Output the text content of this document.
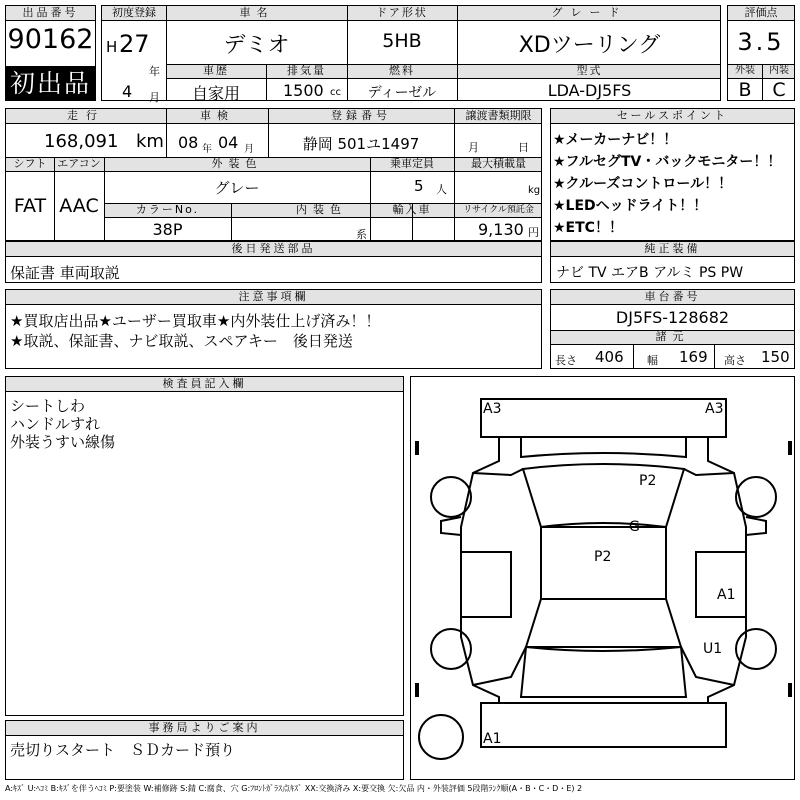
出品番号
90162
初出品
初度登録
H 27
年
4 月
車名
デミオ
ドア形状
5HB
グレード
XDツーリング
車歴
自家用
排気量
1500 cc
燃料
ディーゼル
型式
LDA-DJ5FS
評価点
3.5
外装	内装
B	C
走行
168,091 km
車検
08 年 04 月
登録番号
静岡 501ユ1497
譲渡書類期限
月	日
シフト
FAT
エアコン
AAC
外装色
グレー
乗車定員
5 人
最大積載量
kg
カラーNo.
38P
内装色
系
輸入車	リサイクル預託金
9,130 円
後日発送部品
保証書 車両取説
セールスポイント
★メーカーナビ！！
★フルセグTV・バックモニター！！
★クルーズコントロール！！
★LEDヘッドライト！！
★ETC！！
純正装備
ナビ TV エアB アルミ PS PW
注意事項欄
★買取店出品★ユーザー買取車★内外装仕上げ済み！！
★取説、保証書、ナビ取説、スペアキー　後日発送
車台番号
DJ5FS-128682
諸元
長さ 406 幅 169 高さ 150
検査員記入欄
シートしわ
ハンドルすれ
外装うすい線傷
事務局よりご案内
売切りスタート　ＳＤカード預り
A3	A3
P2
G
P2
A1
U1
A1
A:ｷｽﾞ U:ﾍｺﾐ B:ｷｽﾞを伴うﾍｺﾐ P:要塗装 W:補修跡 S:錆 C:腐食、穴 G:ﾌﾛﾝﾄｶﾞﾗｽ点ｷｽﾞ XX:交換済み X:要交換 欠:欠品 内・外装評価 5段階ﾗﾝｸ順(A・B・C・D・E) 2
